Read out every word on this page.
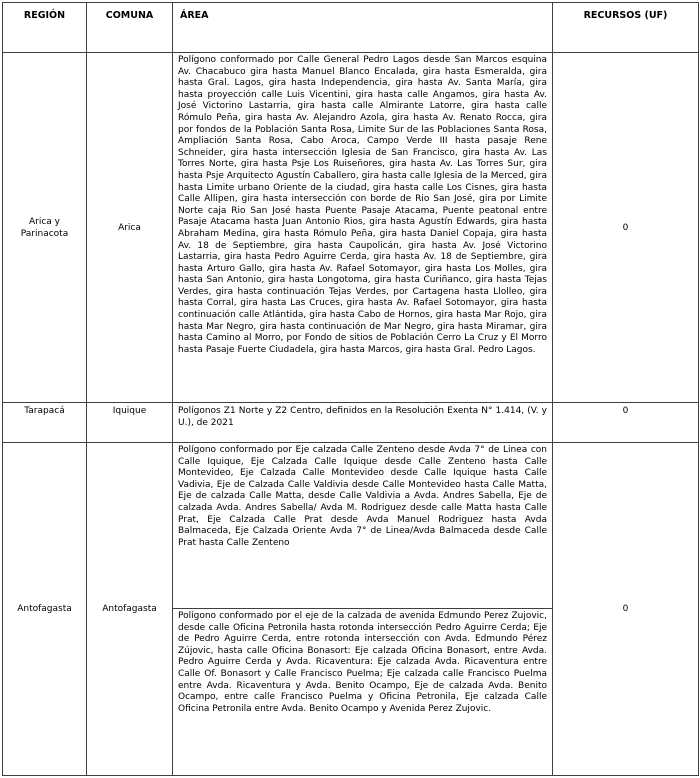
REGIÓN	COMUNA	ÁREA	RECURSOS (UF)
Arica y Parinacota	Arica	Polígono conformado por Calle General Pedro Lagos desde San Marcos esquina Av. Chacabuco gira hasta Manuel Blanco Encalada, gira hasta Esmeralda, gira hasta Gral. Lagos, gira hasta Independencia, gira hasta Av. Santa María, gira hasta proyección calle Luis Vicentini, gira hasta calle Angamos, gira hasta Av. José Victorino Lastarria, gira hasta calle Almirante Latorre, gira hasta calle Rómulo Peña, gira hasta Av. Alejandro Azola, gira hasta Av. Renato Rocca, gira por fondos de la Población Santa Rosa, Limite Sur de las Poblaciones Santa Rosa, Ampliación Santa Rosa, Cabo Aroca, Campo Verde III hasta pasaje Rene Schneider, gira hasta intersección Iglesia de San Francisco, gira hasta Av. Las Torres Norte, gira hasta Psje Los Ruiseñores, gira hasta Av. Las Torres Sur, gira hasta Psje Arquitecto Agustín Caballero, gira hasta calle Iglesia de la Merced, gira hasta Limite urbano Oriente de la ciudad, gira hasta calle Los Cisnes, gira hasta Calle Allipen, gira hasta intersección con borde de Rio San José, gira por Limite Norte caja Rio San José hasta Puente Pasaje Atacama, Puente peatonal entre Pasaje Atacama hasta Juan Antonio Rios, gira hasta Agustín Edwards, gira hasta Abraham Medina, gira hasta Rómulo Peña, gira hasta Daniel Copaja, gira hasta Av. 18 de Septiembre, gira hasta Caupolicán, gira hasta Av. José Victorino Lastarria, gira hasta Pedro Aguirre Cerda, gira hasta Av. 18 de Septiembre, gira hasta Arturo Gallo, gira hasta Av. Rafael Sotomayor, gira hasta Los Molles, gira hasta San Antonio, gira hasta Longotoma, gira hasta Curiñanco, gira hasta Tejas Verdes, gira hasta continuación Tejas Verdes, por Cartagena hasta Llolleo, gira hasta Corral, gira hasta Las Cruces, gira hasta Av. Rafael Sotomayor, gira hasta continuación calle Atlántida, gira hasta Cabo de Hornos, gira hasta Mar Rojo, gira hasta Mar Negro, gira hasta continuación de Mar Negro, gira hasta Miramar, gira hasta Camino al Morro, por Fondo de sitios de Población Cerro La Cruz y El Morro hasta Pasaje Fuerte Ciudadela, gira hasta Marcos, gira hasta Gral. Pedro Lagos.	0
Tarapacá	Iquique	Polígonos Z1 Norte y Z2 Centro, definidos en la Resolución Exenta N° 1.414, (V. y U.), de 2021	0
Antofagasta	Antofagasta	Polígono conformado por Eje calzada Calle Zenteno desde Avda 7° de Linea con Calle Iquique, Eje Calzada Calle Iquique desde Calle Zenteno hasta Calle Montevideo, Eje Calzada Calle Montevideo desde Calle Iquique hasta Calle Vadivia, Eje de Calzada Calle Valdivia desde Calle Montevideo hasta Calle Matta, Eje de calzada Calle Matta, desde Calle Valdivia a Avda. Andres Sabella, Eje de calzada Avda. Andres Sabella/ Avda M. Rodriguez desde calle Matta hasta Calle Prat, Eje Calzada Calle Prat desde Avda Manuel Rodriguez hasta Avda Balmaceda, Eje Calzada Oriente Avda 7° de Linea/Avda Balmaceda desde Calle Prat hasta Calle Zenteno	0
		Polígono conformado por el eje de la calzada de avenida Edmundo Perez Zujovic, desde calle Oficina Petronila hasta rotonda intersección Pedro Aguirre Cerda; Eje de Pedro Aguirre Cerda, entre rotonda intersección con Avda. Edmundo Pérez Zújovic, hasta calle Oficina Bonasort: Eje calzada Oficina Bonasort, entre Avda. Pedro Aguirre Cerda y Avda. Ricaventura: Eje calzada Avda. Ricaventura entre Calle Of. Bonasort y Calle Francisco Puelma; Eje calzada calle Francisco Puelma entre Avda. Ricaventura y Avda. Benito Ocampo, Eje de calzada Avda. Benito Ocampo, entre calle Francisco Puelma y Oficina Petronila, Eje calzada Calle Oficina Petronila entre Avda. Benito Ocampo y Avenida Perez Zujovic.	
